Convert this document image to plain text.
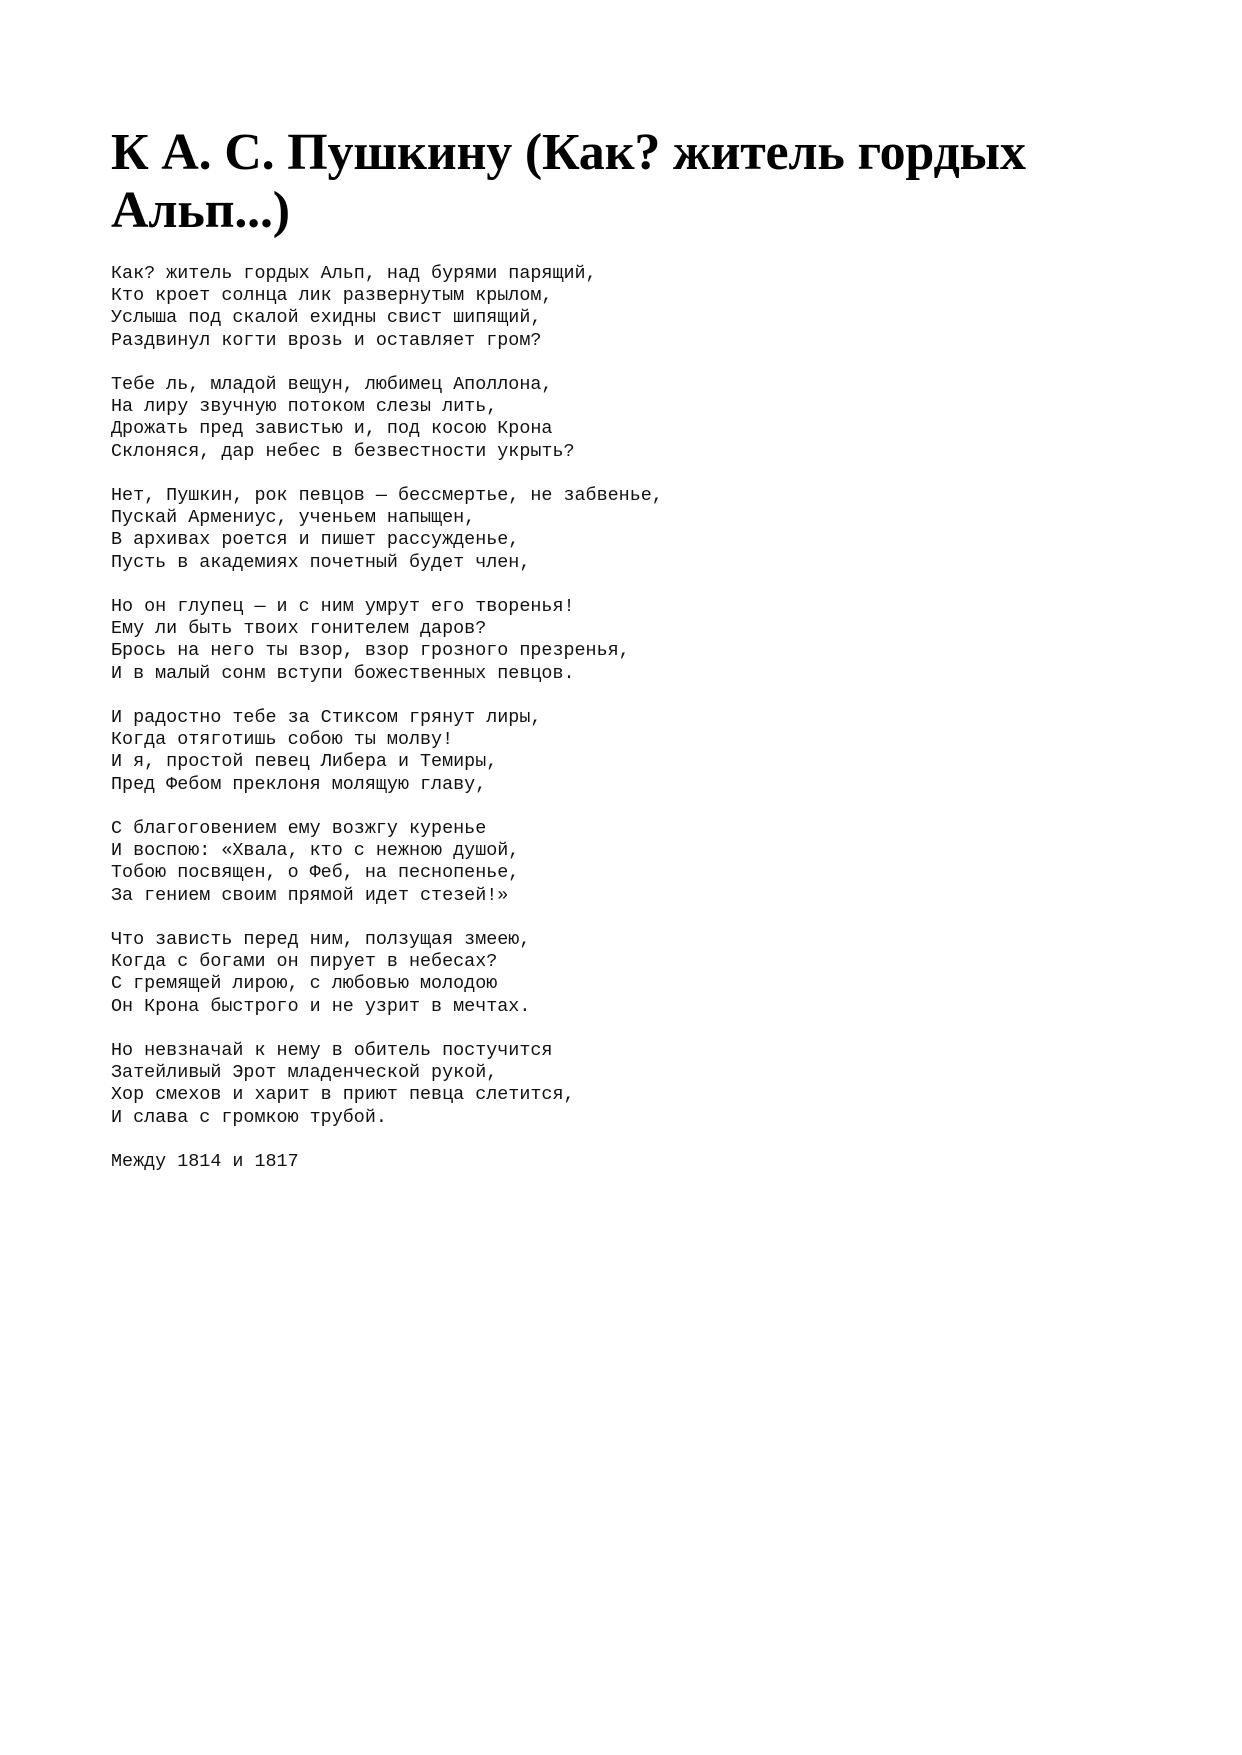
К А. С. Пушкину (Как? житель гордых Альп...)
Как? житель гордых Альп, над бурями парящий,
Кто кроет солнца лик развернутым крылом,
Услыша под скалой ехидны свист шипящий,
Раздвинул когти врозь и оставляет гром?
Тебе ль, младой вещун, любимец Аполлона,
На лиру звучную потоком слезы лить,
Дрожать пред завистью и, под косою Крона
Склоняся, дар небес в безвестности укрыть?
Нет, Пушкин, рок певцов — бессмертье, не забвенье,
Пускай Армениус, ученьем напыщен,
В архивах роется и пишет рассужденье,
Пусть в академиях почетный будет член,
Но он глупец — и с ним умрут его творенья!
Ему ли быть твоих гонителем даров?
Брось на него ты взор, взор грозного презренья,
И в малый сонм вступи божественных певцов.
И радостно тебе за Стиксом грянут лиры,
Когда отяготишь собою ты молву!
И я, простой певец Либера и Темиры,
Пред Фебом преклоня молящую главу,
С благоговением ему возжгу куренье
И воспою: «Хвала, кто с нежною душой,
Тобою посвящен, о Феб, на песнопенье,
За гением своим прямой идет стезей!»
Что зависть перед ним, ползущая змеею,
Когда с богами он пирует в небесах?
С гремящей лирою, с любовью молодою
Он Крона быстрого и не узрит в мечтах.
Но невзначай к нему в обитель постучится
Затейливый Эрот младенческой рукой,
Хор смехов и харит в приют певца слетится,
И слава с громкою трубой.

Между 1814 и 1817
